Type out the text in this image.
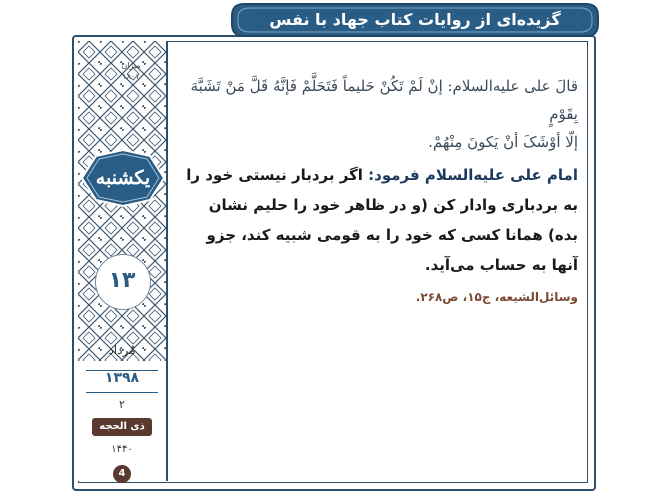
گزیده‌ای از روایات کتاب جهاد با نفس
میزان
۱۸۰۱
یکشنبه
۱۳
مُرداد
۱۳۹۸
۲
ذی الحجه
۱۴۴۰
4
قالَ علی علیه‌السلام: إنْ لَمْ تَکُنْ حَلیماً فَتَحَلَّمْ فَإنَّهُ قَلَّ مَنْ تَشَبَّهَ بِقَوْمٍ
إلّا أوْشَکَ أنْ یَکونَ مِنْهُمْ.
امام علی علیه‌السلام فرمود: اگر بردبار نیستی خود را به بردباری وادار کن (و در ظاهر خود را حلیم نشان بده) همانا کسی که خود را به قومی شبیه کند، جزو آنها به حساب می‌آید.
وسائل‌الشیعه، ج۱۵، ص۲۶۸.
